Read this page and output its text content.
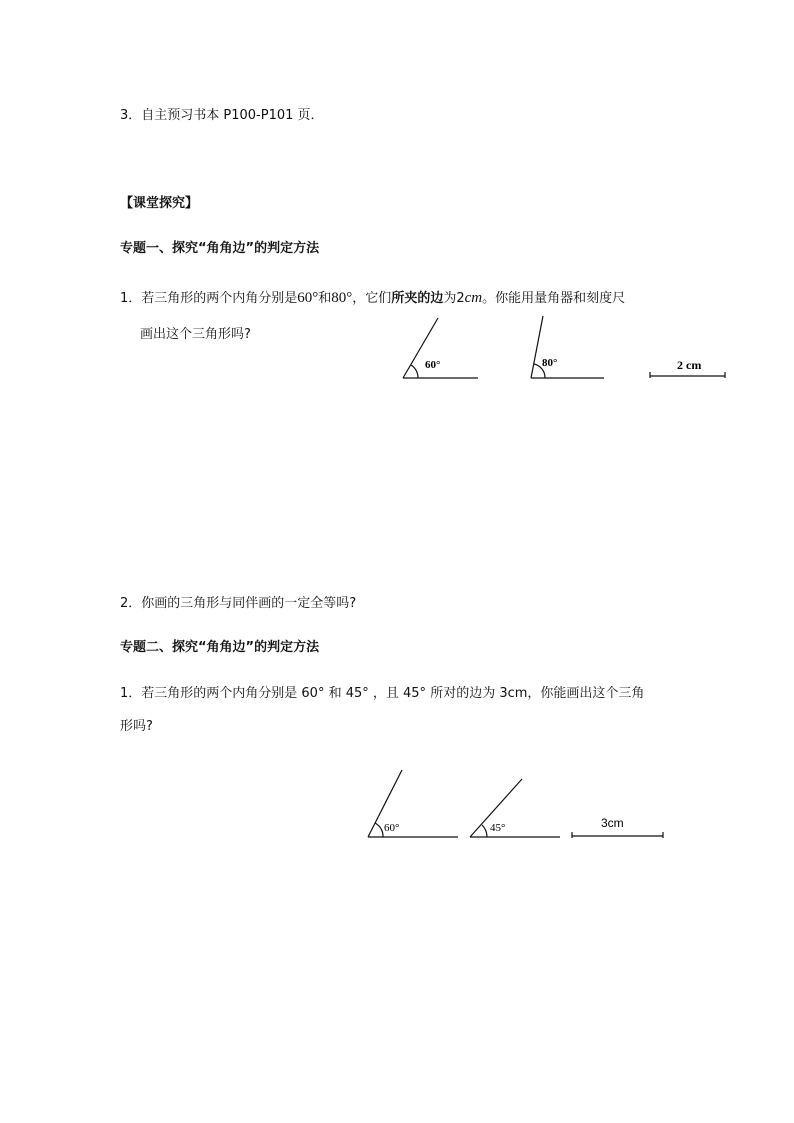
3．自主预习书本 P100-P101 页．
【课堂探究】
专题一、探究“角角边”的判定方法
1．若三角形的两个内角分别是60°和80°，它们所夹的边为2cm。你能用量角器和刻度尺
画出这个三角形吗?
60°	80°	2 cm
60°	45°	3cm
2．你画的三角形与同伴画的一定全等吗?
专题二、探究“角角边”的判定方法
1．若三角形的两个内角分别是 60° 和 45° ，且 45° 所对的边为 3cm，你能画出这个三角
形吗?
